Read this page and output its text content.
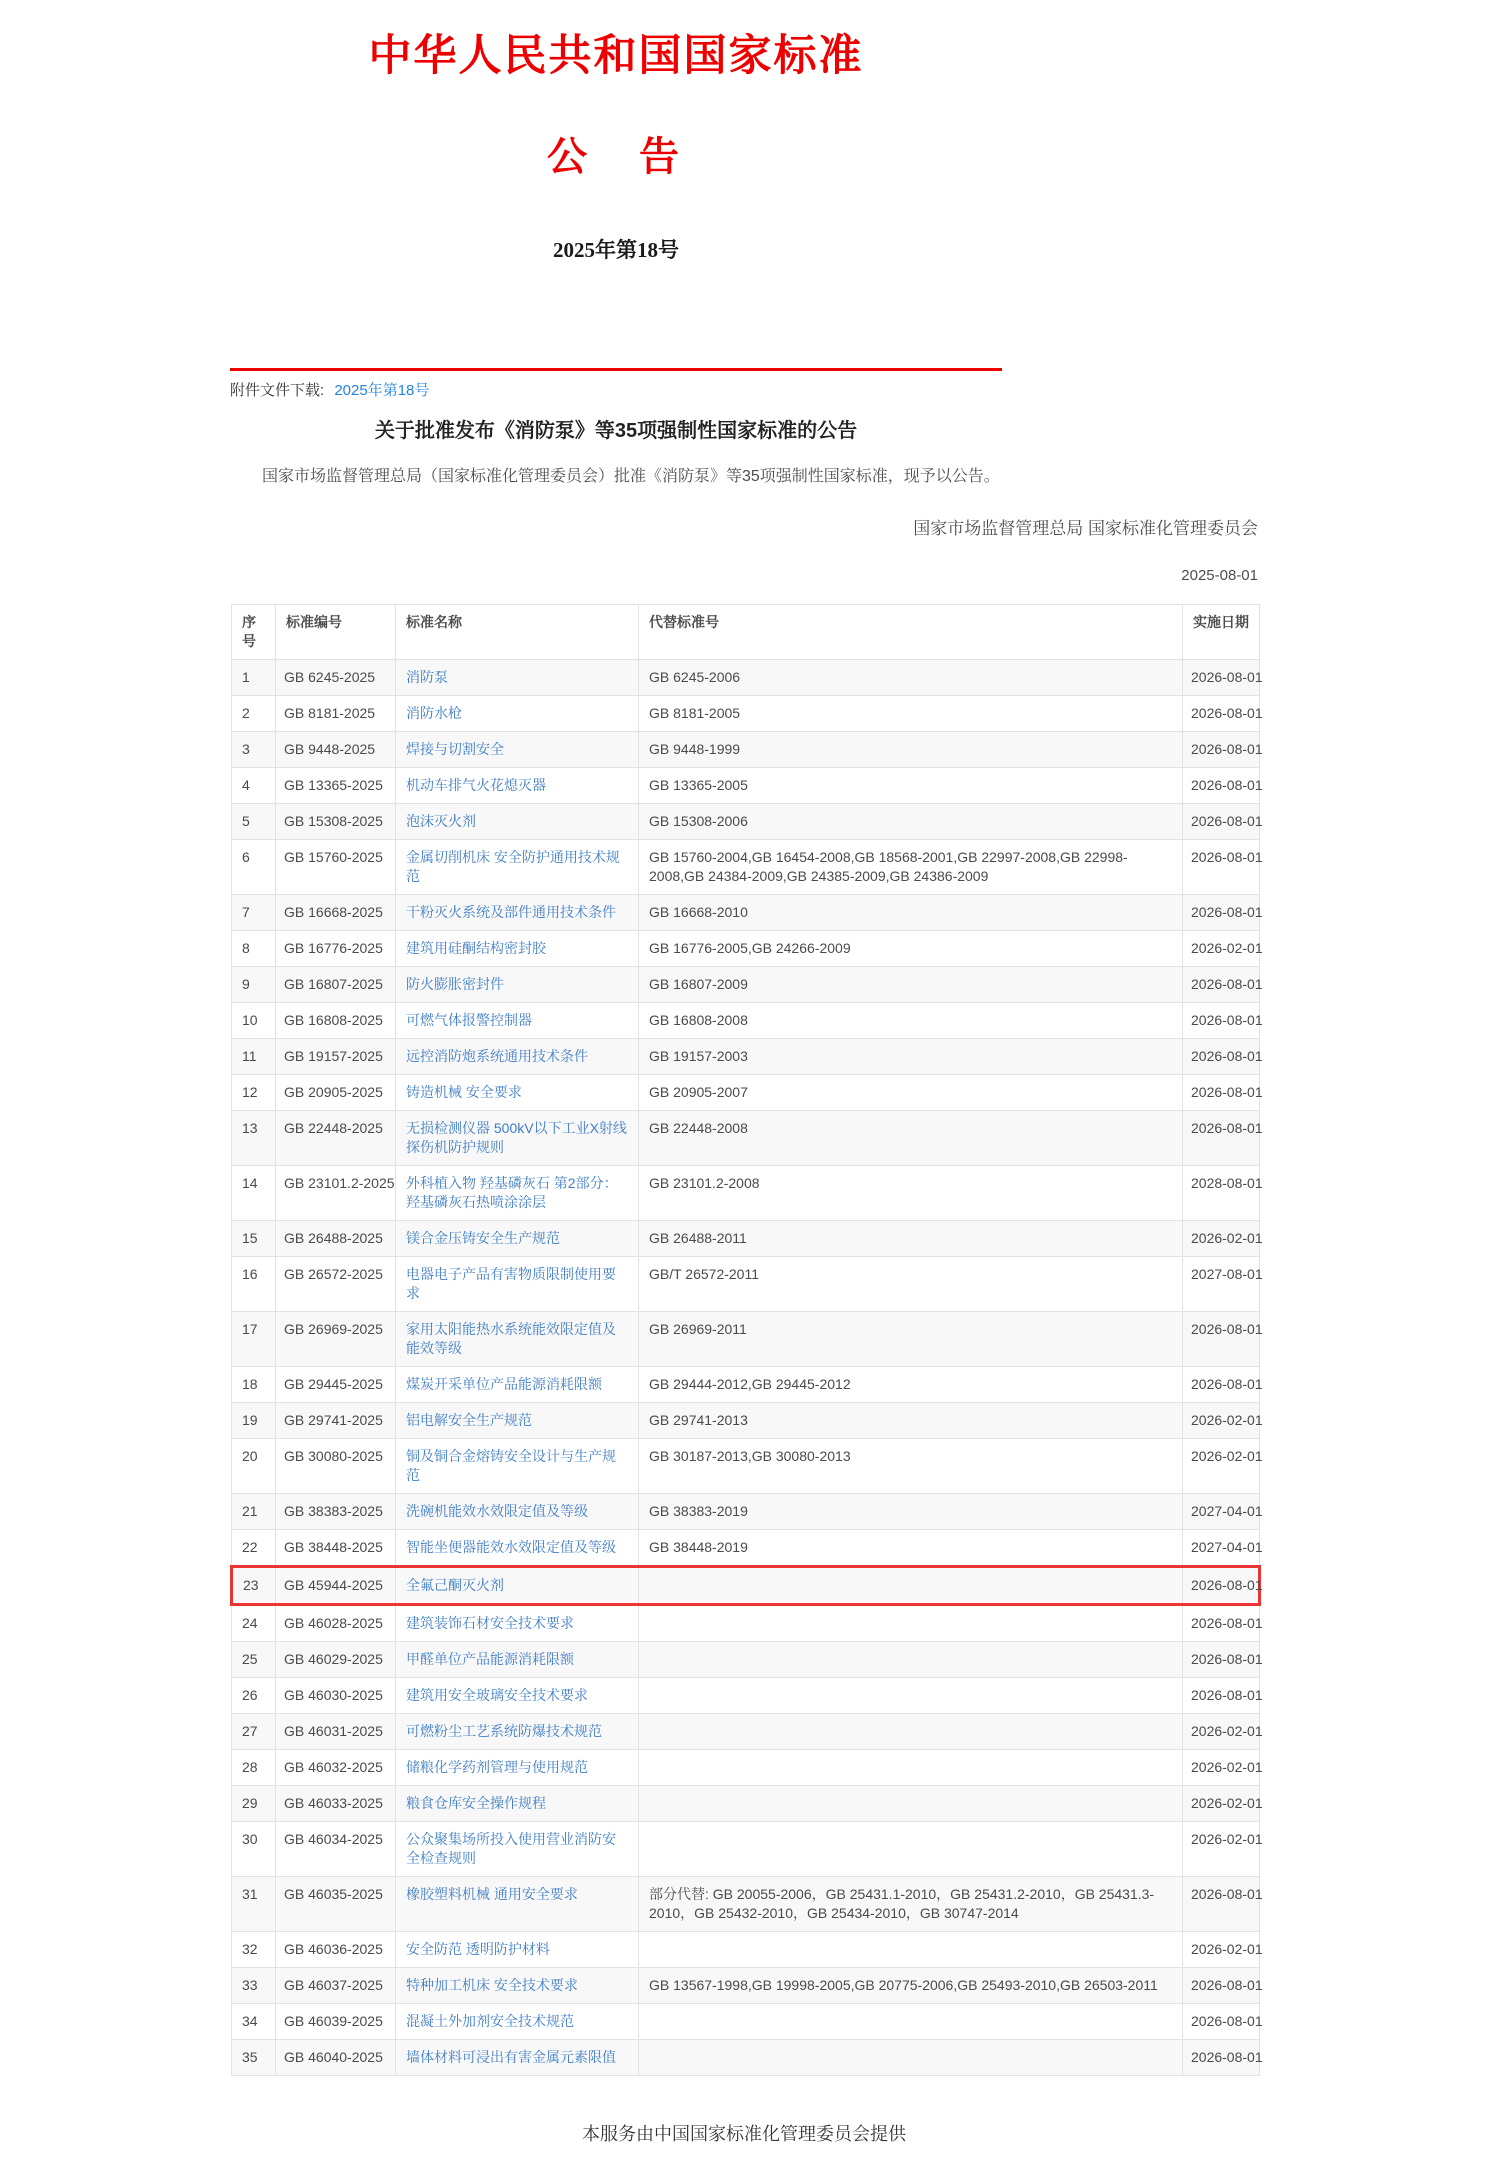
中华人民共和国国家标准
公　告
2025年第18号
附件文件下载: 2025年第18号
关于批准发布《消防泵》等35项强制性国家标准的公告

国家市场监督管理总局（国家标准化管理委员会）批准《消防泵》等35项强制性国家标准，现予以公告。

国家市场监督管理总局 国家标准化管理委员会
2025-08-01
序号	标准编号	标准名称	代替标准号	实施日期
1	GB 6245-2025	消防泵	GB 6245-2006	2026-08-01
2	GB 8181-2025	消防水枪	GB 8181-2005	2026-08-01
3	GB 9448-2025	焊接与切割安全	GB 9448-1999	2026-08-01
4	GB 13365-2025	机动车排气火花熄灭器	GB 13365-2005	2026-08-01
5	GB 15308-2025	泡沫灭火剂	GB 15308-2006	2026-08-01
6	GB 15760-2025	金属切削机床 安全防护通用技术规范	GB 15760-2004,GB 16454-2008,GB 18568-2001,GB 22997-2008,GB 22998-2008,GB 24384-2009,GB 24385-2009,GB 24386-2009	2026-08-01
7	GB 16668-2025	干粉灭火系统及部件通用技术条件	GB 16668-2010	2026-08-01
8	GB 16776-2025	建筑用硅酮结构密封胶	GB 16776-2005,GB 24266-2009	2026-02-01
9	GB 16807-2025	防火膨胀密封件	GB 16807-2009	2026-08-01
10	GB 16808-2025	可燃气体报警控制器	GB 16808-2008	2026-08-01
11	GB 19157-2025	远控消防炮系统通用技术条件	GB 19157-2003	2026-08-01
12	GB 20905-2025	铸造机械 安全要求	GB 20905-2007	2026-08-01
13	GB 22448-2025	无损检测仪器 500kV以下工业X射线探伤机防护规则	GB 22448-2008	2026-08-01
14	GB 23101.2-2025	外科植入物 羟基磷灰石 第2部分：羟基磷灰石热喷涂涂层	GB 23101.2-2008	2028-08-01
15	GB 26488-2025	镁合金压铸安全生产规范	GB 26488-2011	2026-02-01
16	GB 26572-2025	电器电子产品有害物质限制使用要求	GB/T 26572-2011	2027-08-01
17	GB 26969-2025	家用太阳能热水系统能效限定值及能效等级	GB 26969-2011	2026-08-01
18	GB 29445-2025	煤炭开采单位产品能源消耗限额	GB 29444-2012,GB 29445-2012	2026-08-01
19	GB 29741-2025	铝电解安全生产规范	GB 29741-2013	2026-02-01
20	GB 30080-2025	铜及铜合金熔铸安全设计与生产规范	GB 30187-2013,GB 30080-2013	2026-02-01
21	GB 38383-2025	洗碗机能效水效限定值及等级	GB 38383-2019	2027-04-01
22	GB 38448-2025	智能坐便器能效水效限定值及等级	GB 38448-2019	2027-04-01
23	GB 45944-2025	全氟己酮灭火剂		2026-08-01
24	GB 46028-2025	建筑装饰石材安全技术要求		2026-08-01
25	GB 46029-2025	甲醛单位产品能源消耗限额		2026-08-01
26	GB 46030-2025	建筑用安全玻璃安全技术要求		2026-08-01
27	GB 46031-2025	可燃粉尘工艺系统防爆技术规范		2026-02-01
28	GB 46032-2025	储粮化学药剂管理与使用规范		2026-02-01
29	GB 46033-2025	粮食仓库安全操作规程		2026-02-01
30	GB 46034-2025	公众聚集场所投入使用营业消防安全检查规则		2026-02-01
31	GB 46035-2025	橡胶塑料机械 通用安全要求	部分代替: GB 20055-2006，GB 25431.1-2010，GB 25431.2-2010，GB 25431.3-2010，GB 25432-2010，GB 25434-2010，GB 30747-2014	2026-08-01
32	GB 46036-2025	安全防范 透明防护材料		2026-02-01
33	GB 46037-2025	特种加工机床 安全技术要求	GB 13567-1998,GB 19998-2005,GB 20775-2006,GB 25493-2010,GB 26503-2011	2026-08-01
34	GB 46039-2025	混凝土外加剂安全技术规范		2026-08-01
35	GB 46040-2025	墙体材料可浸出有害金属元素限值		2026-08-01
本服务由中国国家标准化管理委员会提供
